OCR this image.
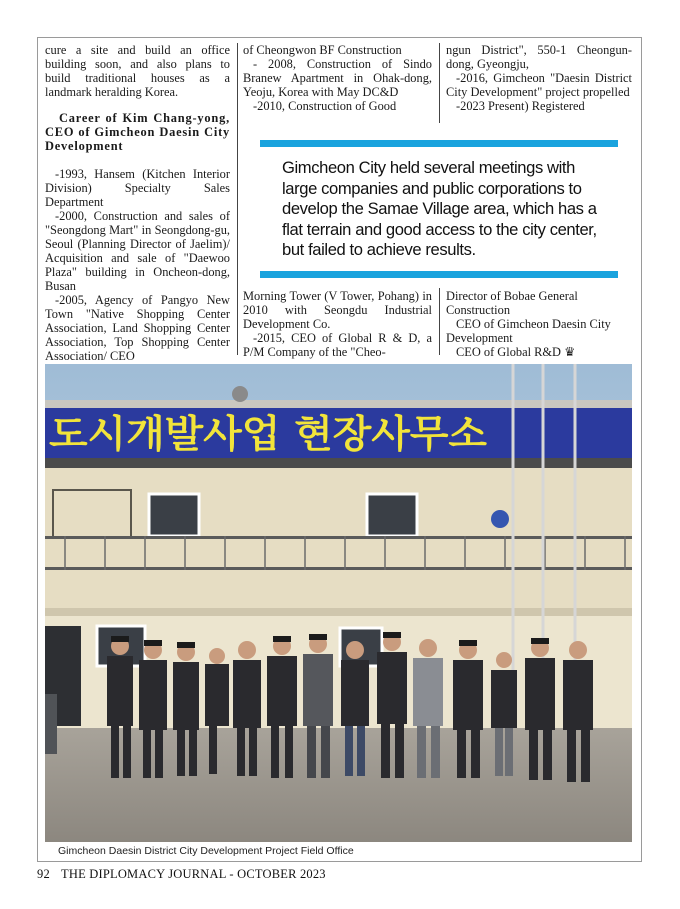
cure a site and build an office building soon, and also plans to build traditional houses as a landmark heralding Korea.

Career of Kim Chang-yong, CEO of Gimcheon Daesin City Development

-1993, Hansem (Kitchen Interior Division) Specialty Sales Department

-2000, Construction and sales of "Seongdong Mart" in Seongdong-gu, Seoul (Planning Director of Jaelim)/ Acquisition and sale of "Daewoo Plaza" building in Oncheon-dong, Busan

-2005, Agency of Pangyo New Town "Native Shopping Center Association, Land Shopping Center Association, Top Shopping Center Association/ CEO

of Cheongwon BF Construction

- 2008, Construction of Sindo Branew Apartment in Ohak-dong, Yeoju, Korea with May DC&D

-2010, Construction of Good

ngun District", 550-1 Cheongun-dong, Gyeongju,

-2016, Gimcheon "Daesin District City Development" project propelled

-2023 Present) Registered

Gimcheon City held several meetings with large companies and public corporations to develop the Samae Village area, which has a flat terrain and good access to the city center, but failed to achieve results.

Morning Tower (V Tower, Pohang) in 2010 with Seongdu Industrial Development Co.

-2015, CEO of Global R & D, a P/M Company of the "Cheo-

Director of Bobae General Construction

CEO of Gimcheon Daesin City Development

CEO of Global R&D ♛

도시개발사업 현장사무소
Gimcheon Daesin District City Development Project Field Office
92 THE DIPLOMACY JOURNAL - OCTOBER 2023
